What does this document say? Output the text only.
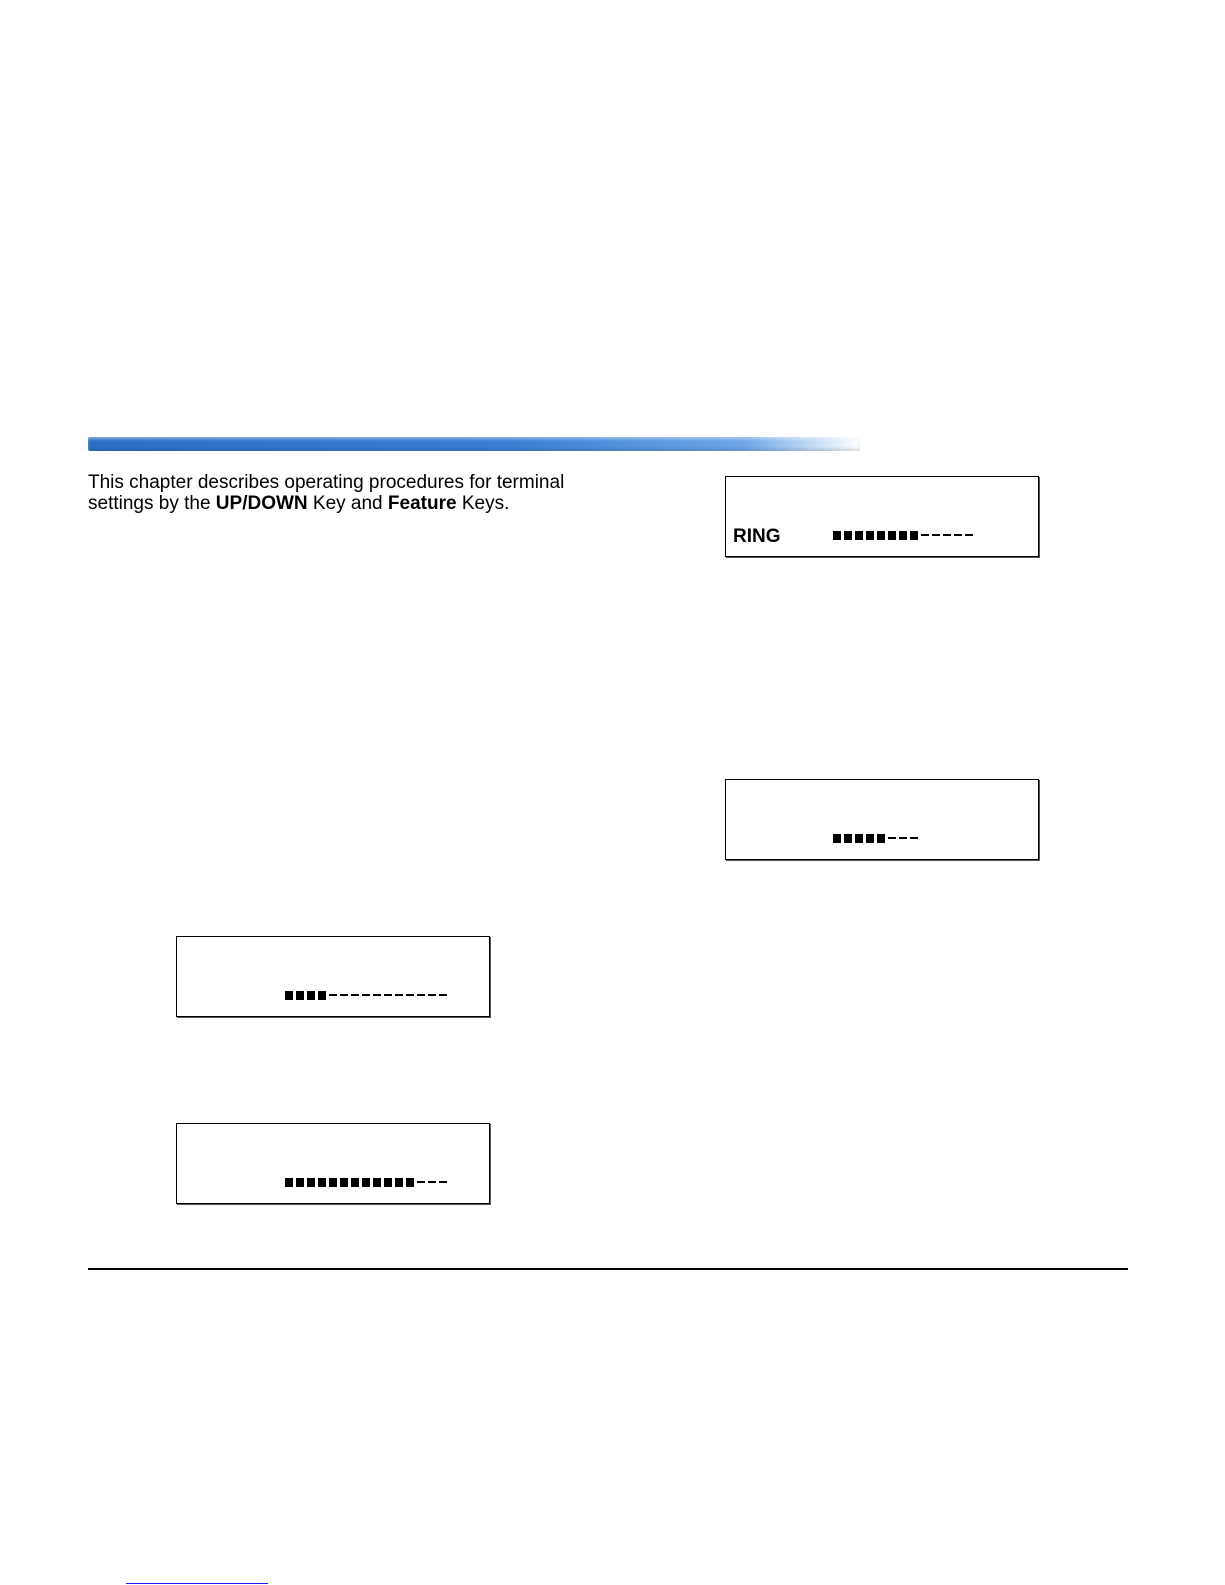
This chapter describes operating procedures for terminal settings by the UP/DOWN Key and Feature Keys.

RING
